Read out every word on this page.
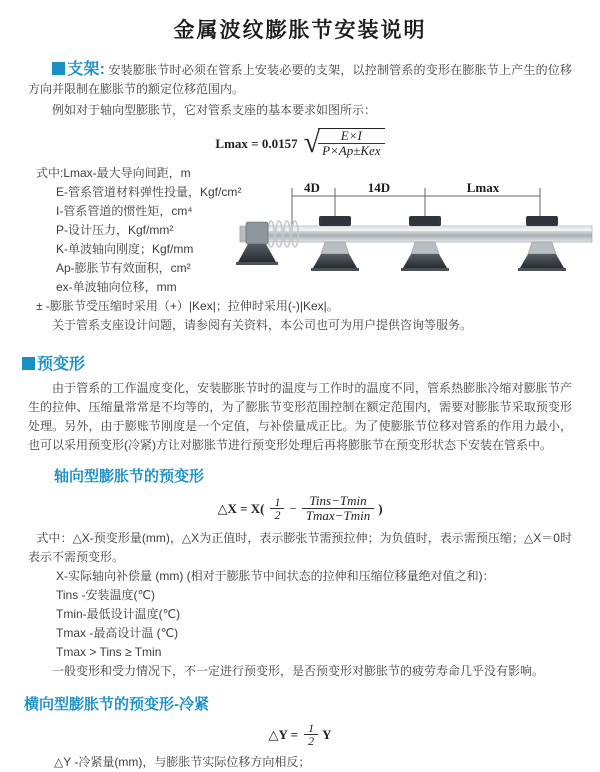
金属波纹膨胀节安装说明

支架: 安装膨胀节时必须在管系上安装必要的支架，以控制管系的变形在膨胀节上产生的位移方向并限制在膨胀节的额定位移范围内。

例如对于轴向型膨胀节，它对管系支座的基本要求如图所示：

Lmax = 0.0157 √
$\frac{E\times I}{\text{P×Ap±Kex}}$
式中:Lmax-最大导向间距，m
E-管系管道材料弹性投量，Kgf/cm²
I-管系管道的惯性矩，cm⁴
P-设计压力，Kgf/mm²
K-单波轴向刚度；Kgf/mm
Ap-膨胀节有效面积，cm²
ex-单波轴向位移，mm
± -膨胀节受压缩时采用（+）|Kex|；拉伸时采用(-)|Kex|。
关于管系支座设计问题，请参阅有关资料，本公司也可为用户提供咨询等服务。
4D	14D	Lmax
预变形

由于管系的工作温度变化，安装膨胀节时的温度与工作时的温度不同，管系热膨胀冷缩对膨胀节产生的拉伸、压缩量常常是不均等的，为了膨胀节变形范围控制在额定范围内，需要对膨胀节采取预变形处理。另外，由于膨账节刚度是一个定值，与补偿量成正比。为了使膨胀节位移对管系的作用力最小，也可以采用预变形(冷紧)方让对膨胀节进行预变形处理后再将膨胀节在预变形状态下安装在管系中。

轴向型膨胀节的预变形
△X = $X( \frac{1}{2} - \frac{\text{Tins−Tmin}}{Tmax-Tmin}$ )

式中：△X-预变形量(mm)，△X为正值时，表示膨张节需预拉伸；为负值时，表示需预压缩；△X＝0时表示不需预变形。

X-实际轴向补偿量 (mm) (相对于膨胀节中间状态的拉伸和压缩位移量绝对值之和)：
Tins -安装温度(℃)
Tmin-最低设计温度(℃)
Tmax -最高设计温 (℃)
Tmax > Tins ≥ Tmin
一般变形和受力情况下，不一定进行预变形，是否预变形对膨胀节的疲劳寿命几乎没有影响。
横向型膨胀节的预变形-冷紧
△Y = $\frac{1}{2}$ Y
△Y -冷紧量(mm)，与膨胀节实际位移方向相反；
